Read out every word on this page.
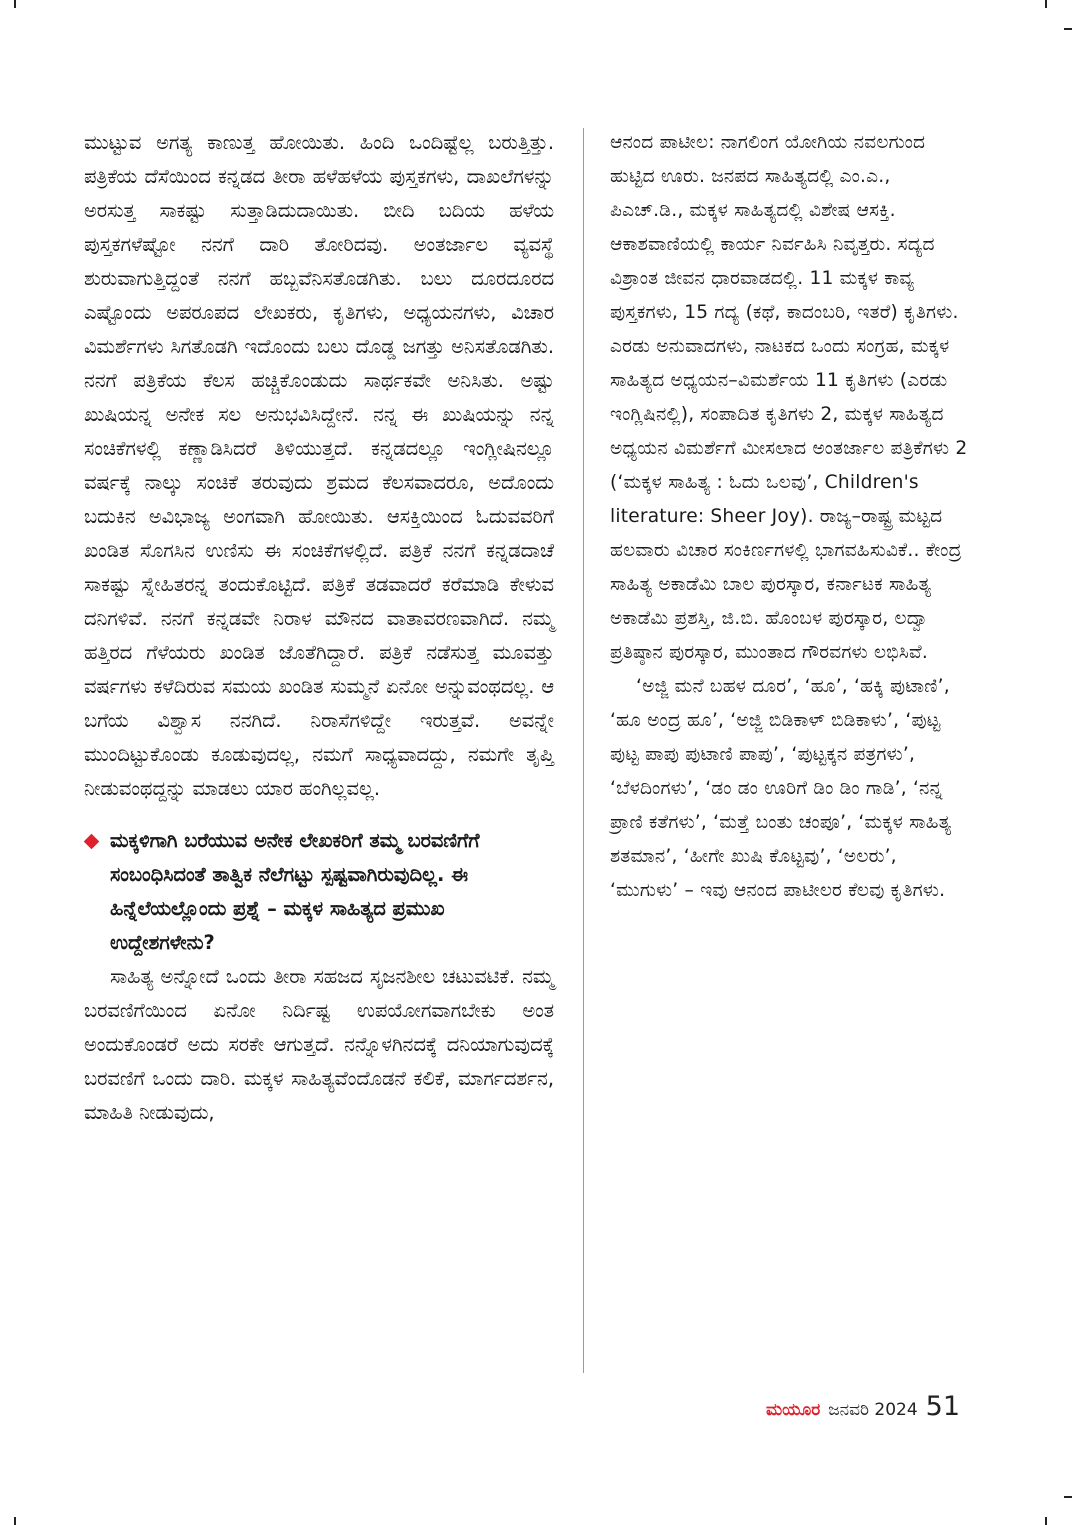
ಮುಟ್ಟುವ ಅಗತ್ಯ ಕಾಣುತ್ತ ಹೋಯಿತು. ಹಿಂದಿ ಒಂದಿಷ್ಟೆಲ್ಲ ಬರುತ್ತಿತ್ತು. ಪತ್ರಿಕೆಯ ದೆಸೆಯಿಂದ ಕನ್ನಡದ ತೀರಾ ಹಳೆಹಳೆಯ ಪುಸ್ತಕಗಳು, ದಾಖಲೆಗಳನ್ನು ಅರಸುತ್ತ ಸಾಕಷ್ಟು ಸುತ್ತಾಡಿದುದಾಯಿತು. ಬೀದಿ ಬದಿಯ ಹಳೆಯ ಪುಸ್ತಕಗಳೆಷ್ಟೋ ನನಗೆ ದಾರಿ ತೋರಿದವು. ಅಂತರ್ಜಾಲ ವ್ಯವಸ್ಥೆ ಶುರುವಾಗುತ್ತಿದ್ದಂತೆ ನನಗೆ ಹಬ್ಬವೆನಿಸತೊಡಗಿತು. ಬಲು ದೂರದೂರದ ಎಷ್ಟೊಂದು ಅಪರೂಪದ ಲೇಖಕರು, ಕೃತಿಗಳು, ಅಧ್ಯಯನಗಳು, ವಿಚಾರ ವಿಮರ್ಶೆಗಳು ಸಿಗತೊಡಗಿ ಇದೊಂದು ಬಲು ದೊಡ್ಡ ಜಗತ್ತು ಅನಿಸತೊಡಗಿತು. ನನಗೆ ಪತ್ರಿಕೆಯ ಕೆಲಸ ಹಚ್ಚಿಕೊಂಡುದು ಸಾರ್ಥಕವೇ ಅನಿಸಿತು. ಅಷ್ಟು ಖುಷಿಯನ್ನ ಅನೇಕ ಸಲ ಅನುಭವಿಸಿದ್ದೇನೆ. ನನ್ನ ಈ ಖುಷಿಯನ್ನು ನನ್ನ ಸಂಚಿಕೆಗಳಲ್ಲಿ ಕಣ್ಣಾಡಿಸಿದರೆ ತಿಳಿಯುತ್ತದೆ. ಕನ್ನಡದಲ್ಲೂ ಇಂಗ್ಲೀಷಿನಲ್ಲೂ ವರ್ಷಕ್ಕೆ ನಾಲ್ಕು ಸಂಚಿಕೆ ತರುವುದು ಶ್ರಮದ ಕೆಲಸವಾದರೂ, ಅದೊಂದು ಬದುಕಿನ ಅವಿಭಾಜ್ಯ ಅಂಗವಾಗಿ ಹೋಯಿತು. ಆಸಕ್ತಿಯಿಂದ ಓದುವವರಿಗೆ ಖಂಡಿತ ಸೊಗಸಿನ ಉಣಿಸು ಈ ಸಂಚಿಕೆಗಳಲ್ಲಿದೆ. ಪತ್ರಿಕೆ ನನಗೆ ಕನ್ನಡದಾಚೆ ಸಾಕಷ್ಟು ಸ್ನೇಹಿತರನ್ನ ತಂದುಕೊಟ್ಟಿದೆ. ಪತ್ರಿಕೆ ತಡವಾದರೆ ಕರೆಮಾಡಿ ಕೇಳುವ ದನಿಗಳಿವೆ. ನನಗೆ ಕನ್ನಡವೇ ನಿರಾಳ ಮೌನದ ವಾತಾವರಣವಾಗಿದೆ. ನಮ್ಮ ಹತ್ತಿರದ ಗೆಳೆಯರು ಖಂಡಿತ ಜೊತೆಗಿದ್ದಾರೆ. ಪತ್ರಿಕೆ ನಡೆಸುತ್ತ ಮೂವತ್ತು ವರ್ಷಗಳು ಕಳೆದಿರುವ ಸಮಯ ಖಂಡಿತ ಸುಮ್ಮನೆ ಏನೋ ಅನ್ನುವಂಥದಲ್ಲ. ಆ ಬಗೆಯ ವಿಶ್ವಾಸ ನನಗಿದೆ. ನಿರಾಸೆಗಳಿದ್ದೇ ಇರುತ್ತವೆ. ಅವನ್ನೇ ಮುಂದಿಟ್ಟುಕೊಂಡು ಕೂಡುವುದಲ್ಲ, ನಮಗೆ ಸಾಧ್ಯವಾದದ್ದು, ನಮಗೇ ತೃಪ್ತಿ ನೀಡುವಂಥದ್ದನ್ನು ಮಾಡಲು ಯಾರ ಹಂಗಿಲ್ಲವಲ್ಲ.

ಮಕ್ಕಳಿಗಾಗಿ ಬರೆಯುವ ಅನೇಕ ಲೇಖಕರಿಗೆ ತಮ್ಮ ಬರವಣಿಗೆಗೆ ಸಂಬಂಧಿಸಿದಂತೆ ತಾತ್ವಿಕ ನೆಲೆಗಟ್ಟು ಸ್ಪಷ್ಟವಾಗಿರುವುದಿಲ್ಲ. ಈ ಹಿನ್ನೆಲೆಯಲ್ಲೊಂದು ಪ್ರಶ್ನೆ – ಮಕ್ಕಳ ಸಾಹಿತ್ಯದ ಪ್ರಮುಖ ಉದ್ದೇಶಗಳೇನು?

ಸಾಹಿತ್ಯ ಅನ್ನೋದೆ ಒಂದು ತೀರಾ ಸಹಜದ ಸೃಜನಶೀಲ ಚಟುವಟಿಕೆ. ನಮ್ಮ ಬರವಣಿಗೆಯಿಂದ ಏನೋ ನಿರ್ದಿಷ್ಟ ಉಪಯೋಗವಾಗಬೇಕು ಅಂತ ಅಂದುಕೊಂಡರೆ ಅದು ಸರಕೇ ಆಗುತ್ತದೆ. ನನ್ನೊಳಗಿನದಕ್ಕೆ ದನಿಯಾಗುವುದಕ್ಕೆ ಬರವಣಿಗೆ ಒಂದು ದಾರಿ. ಮಕ್ಕಳ ಸಾಹಿತ್ಯವೆಂದೊಡನೆ ಕಲಿಕೆ, ಮಾರ್ಗದರ್ಶನ, ಮಾಹಿತಿ ನೀಡುವುದು,

ಆನಂದ ಪಾಟೀಲ: ನಾಗಲಿಂಗ ಯೋಗಿಯ ನವಲಗುಂದ ಹುಟ್ಟಿದ ಊರು. ಜನಪದ ಸಾಹಿತ್ಯದಲ್ಲಿ ಎಂ.ಎ., ಪಿಎಚ್.ಡಿ., ಮಕ್ಕಳ ಸಾಹಿತ್ಯದಲ್ಲಿ ವಿಶೇಷ ಆಸಕ್ತಿ. ಆಕಾಶವಾಣಿಯಲ್ಲಿ ಕಾರ್ಯ ನಿರ್ವಹಿಸಿ ನಿವೃತ್ತರು. ಸದ್ಯದ ವಿಶ್ರಾಂತ ಜೀವನ ಧಾರವಾಡದಲ್ಲಿ. 11 ಮಕ್ಕಳ ಕಾವ್ಯ ಪುಸ್ತಕಗಳು, 15 ಗದ್ಯ (ಕಥೆ, ಕಾದಂಬರಿ, ಇತರೆ) ಕೃತಿಗಳು. ಎರಡು ಅನುವಾದಗಳು, ನಾಟಕದ ಒಂದು ಸಂಗ್ರಹ, ಮಕ್ಕಳ ಸಾಹಿತ್ಯದ ಅಧ್ಯಯನ–ವಿಮರ್ಶೆಯ 11 ಕೃತಿಗಳು (ಎರಡು ಇಂಗ್ಲಿಷಿನಲ್ಲಿ), ಸಂಪಾದಿತ ಕೃತಿಗಳು 2, ಮಕ್ಕಳ ಸಾಹಿತ್ಯದ ಅಧ್ಯಯನ ವಿಮರ್ಶೆಗೆ ಮೀಸಲಾದ ಅಂತರ್ಜಾಲ ಪತ್ರಿಕೆಗಳು 2 (‘ಮಕ್ಕಳ ಸಾಹಿತ್ಯ : ಓದು ಒಲವು’, Children's literature: Sheer Joy). ರಾಜ್ಯ–ರಾಷ್ಟ್ರ ಮಟ್ಟದ ಹಲವಾರು ವಿಚಾರ ಸಂಕಿರ್ಣಗಳಲ್ಲಿ ಭಾಗವಹಿಸುವಿಕೆ.. ಕೇಂದ್ರ ಸಾಹಿತ್ಯ ಅಕಾಡೆಮಿ ಬಾಲ ಪುರಸ್ಕಾರ, ಕರ್ನಾಟಕ ಸಾಹಿತ್ಯ ಅಕಾಡೆಮಿ ಪ್ರಶಸ್ತಿ, ಜಿ.ಬಿ. ಹೊಂಬಳ ಪುರಸ್ಕಾರ, ಲದ್ವಾ ಪ್ರತಿಷ್ಠಾನ ಪುರಸ್ಕಾರ, ಮುಂತಾದ ಗೌರವಗಳು ಲಭಿಸಿವೆ.

‘ಅಜ್ಜಿ ಮನೆ ಬಹಳ ದೂರ’, ‘ಹೂ’, ‘ಹಕ್ಕಿ ಪುಟಾಣಿ’, ‘ಹೂ ಅಂದ್ರ ಹೂ’, ‘ಅಜ್ಜಿ ಬಿಡಿಕಾಳ್ ಬಿಡಿಕಾಳು’, ‘ಪುಟ್ಟ ಪುಟ್ಟ ಪಾಪು ಪುಟಾಣಿ ಪಾಪು’, ‘ಪುಟ್ಟಕ್ಕನ ಪತ್ರಗಳು’, ‘ಬೆಳದಿಂಗಳು’, ‘ಡಂ ಡಂ ಊರಿಗೆ ಡಿಂ ಡಿಂ ಗಾಡಿ’, ‘ನನ್ನ ಪ್ರಾಣಿ ಕತೆಗಳು’, ‘ಮತ್ತೆ ಬಂತು ಚಂಪೂ’, ‘ಮಕ್ಕಳ ಸಾಹಿತ್ಯ ಶತಮಾನ’, ‘ಹೀಗೇ ಖುಷಿ ಕೊಟ್ಟವು’, ‘ಅಲರು’, ‘ಮುಗುಳು’ – ಇವು ಆನಂದ ಪಾಟೀಲರ ಕೆಲವು ಕೃತಿಗಳು.

ಮಯೂರ ಜನವರಿ 2024 51
